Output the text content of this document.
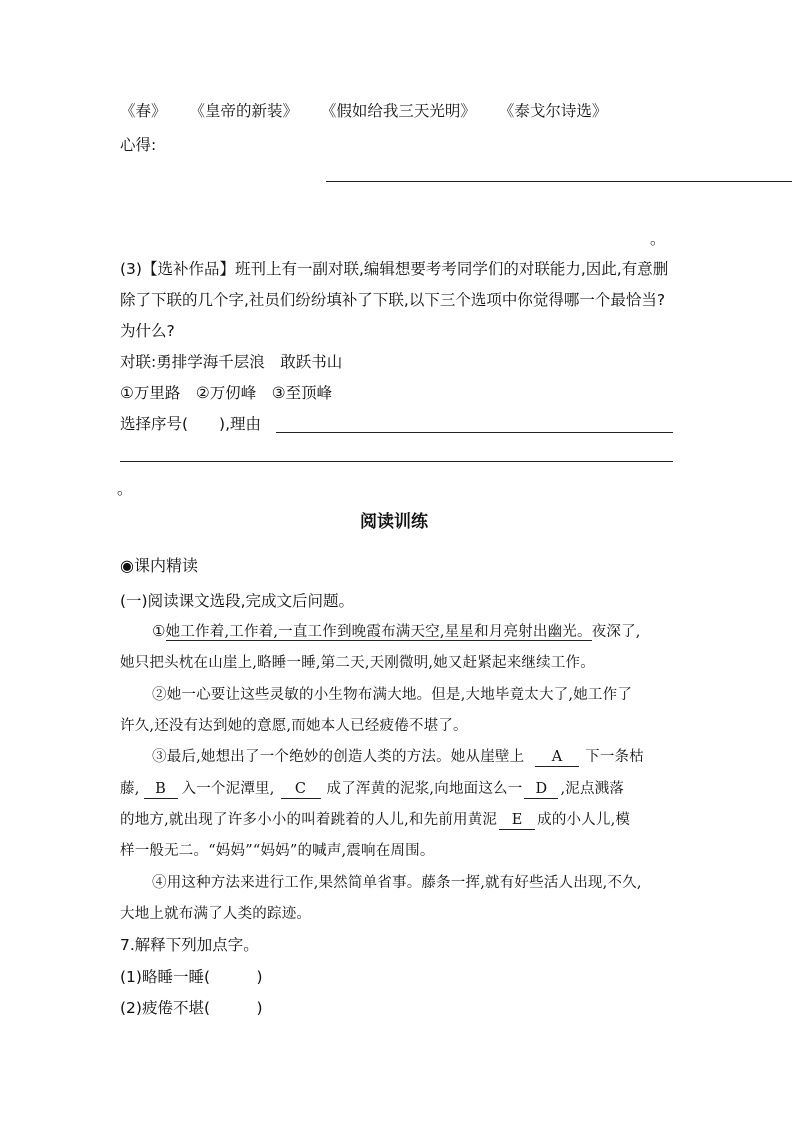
《春》 《皇帝的新装》 《假如给我三天光明》 《泰戈尔诗选》
心得:
。
(3)【选补作品】班刊上有一副对联,编辑想要考考同学们的对联能力,因此,有意删
除了下联的几个字,社员们纷纷填补了下联,以下三个选项中你觉得哪一个最恰当?
为什么?
对联:勇排学海千层浪　敢跃书山
①万里路　②万仞峰　③至顶峰
选择序号(　　),理由
。
阅读训练
◉课内精读
(一)阅读课文选段,完成文后问题。
①她工作着,工作着,一直工作到晚霞布满天空,星星和月亮射出幽光。夜深了,
她只把头枕在山崖上,略睡一睡,第二天,天刚微明,她又赶紧起来继续工作。
②她一心要让这些灵敏的小生物布满大地。但是,大地毕竟太大了,她工作了
许久,还没有达到她的意愿,而她本人已经疲倦不堪了。
③最后,她想出了一个绝妙的创造人类的方法。她从崖壁上 A 下一条枯
藤, B 入一个泥潭里, C 成了浑黄的泥浆,向地面这么一 D ,泥点溅落
的地方,就出现了许多小小的叫着跳着的人儿,和先前用黄泥 E 成的小人儿,模
样一般无二。“妈妈”“妈妈”的喊声,震响在周围。
④用这种方法来进行工作,果然简单省事。藤条一挥,就有好些活人出现,不久,
大地上就布满了人类的踪迹。
7.解释下列加点字。
(1)略睡一睡(　　　)
(2)疲倦不堪(　　　)
